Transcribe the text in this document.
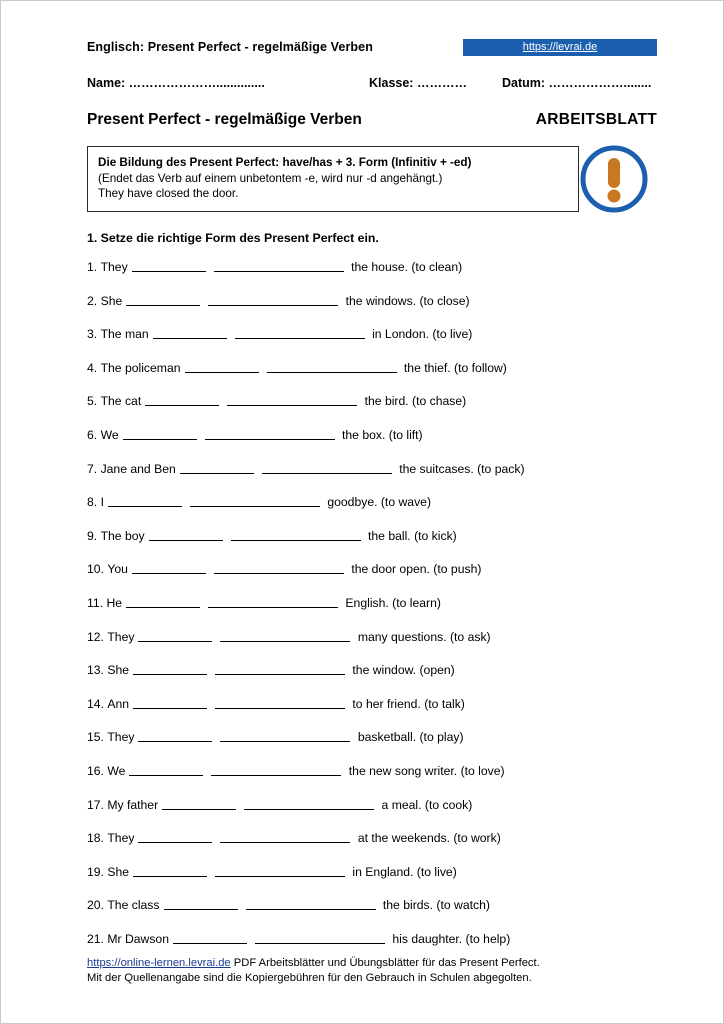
Englisch: Present Perfect - regelmäßige Verben	https://levrai.de
Name: …………………..............	Klasse: …………	Datum: ………………........
Present Perfect - regelmäßige Verben	ARBEITSBLATT
Die Bildung des Present Perfect: have/has + 3. Form (Infinitiv + -ed)
(Endet das Verb auf einem unbetontem -e, wird nur -d angehängt.)
They have closed the door.
1. Setze die richtige Form des Present Perfect ein.
1.
They
	the house. (to clean)
2.
She
	the windows. (to close)
3.
The man
	in London. (to live)
4.
The policeman
	the thief. (to follow)
5.
The cat
	the bird. (to chase)
6.
We
	the box. (to lift)
7.
Jane and Ben
	the suitcases. (to pack)
8.
I
	goodbye. (to wave)
9.
The boy
	the ball. (to kick)
10.
You
	the door open. (to push)
11.
He
	English. (to learn)
12.
They
	many questions. (to ask)
13.
She
	the window. (open)
14.
Ann
	to her friend. (to talk)
15.
They
	basketball. (to play)
16.
We
	the new song writer. (to love)
17.
My father
	a meal. (to cook)
18.
They
	at the weekends. (to work)
19.
She
	in England. (to live)
20.
The class
	the birds. (to watch)
21.
Mr Dawson
	his daughter. (to help)
https://online-lernen.levrai.de PDF Arbeitsblätter und Übungsblätter für das Present Perfect.
Mit der Quellenangabe sind die Kopiergebühren für den Gebrauch in Schulen abgegolten.
